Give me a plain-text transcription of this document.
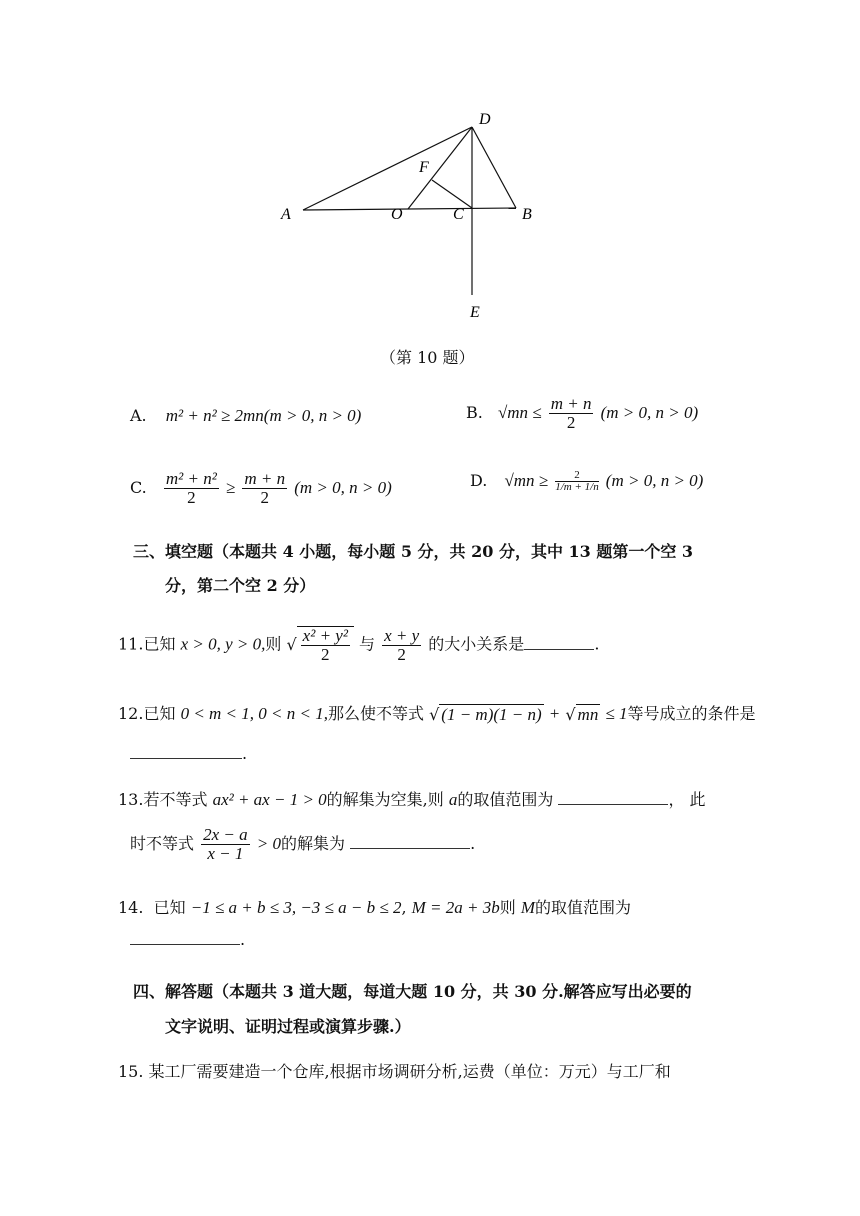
D
F
A	O	C	B
E
（第 10 题）
A. m² + n² ≥ 2mn(m > 0, n > 0)	B. $√mn \le \frac{m + n}{2} (m > 0$, n > 0)
C. $\frac{\text{m² + n²}}{2} \ge \frac{m + n}{2} (m > 0$, n > 0)	D. $√mn \ge \frac{2}{1/m + 1/n} (m > 0$, n > 0)
三、填空题（本题共 4 小题，每小题 5 分，共 20 分，其中 13 题第一个空 3
分，第二个空 2 分）
11.已知 x > 0, y > 0,则 √ $\frac{\text{x² + y²}}{2}$ 与 $\frac{x + y}{2}$ 的大小关系是	.
12.已知 0 < m < 1, 0 < n < 1,那么使不等式 √ (1 − m)(1 − n) + √ mn ≤ 1等号成立的条件是
.
13.若不等式 ax² + ax − 1 > 0的解集为空集,则 a的取值范围为	， 此
时不等式 $\frac{2x - a}{x - 1} > 0$的解集为	.
14. 已知 −1 ≤ a + b ≤ 3, −3 ≤ a − b ≤ 2, M = 2a + 3b则 M的取值范围为
.
四、解答题（本题共 3 道大题，每道大题 10 分，共 30 分.解答应写出必要的
文字说明、证明过程或演算步骤.）
15. 某工厂需要建造一个仓库,根据市场调研分析,运费（单位：万元）与工厂和
